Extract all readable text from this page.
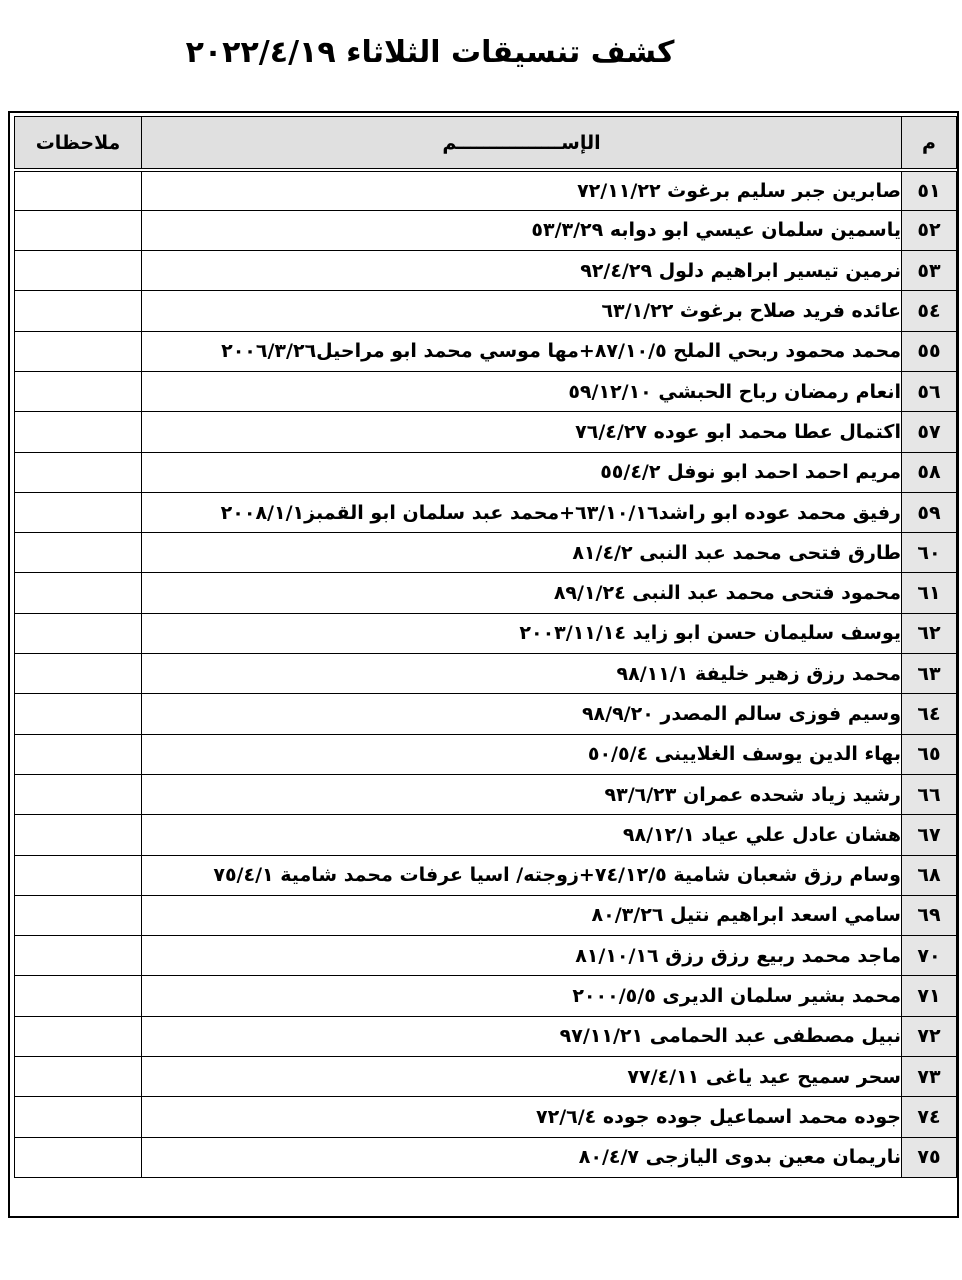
كشف تنسيقات الثلاثاء ٢٠٢٢/٤/١٩
م	الإســــــــــــــــم	ملاحظات
٥١	صابرين جبر سليم برغوث ٧٢/١١/٢٢	
٥٢	ياسمين سلمان عيسي ابو دوابه ٥٣/٣/٢٩	
٥٣	نرمين تيسير ابراهيم دلول ٩٢/٤/٢٩	
٥٤	عائده فريد صلاح برغوث ٦٣/١/٢٢	
٥٥	محمد محمود ربحي الملح ٨٧/١٠/٥+مها موسي محمد ابو مراحيل٢٠٠٦/٣/٢٦	
٥٦	انعام رمضان رباح الحبشي ٥٩/١٢/١٠	
٥٧	اكتمال عطا محمد ابو عوده ٧٦/٤/٢٧	
٥٨	مريم احمد احمد ابو نوفل ٥٥/٤/٢	
٥٩	رفيق محمد عوده ابو راشد٦٣/١٠/١٦+محمد عبد سلمان ابو القمبز٢٠٠٨/١/١	
٦٠	طارق فتحى محمد عبد النبى ٨١/٤/٢	
٦١	محمود فتحى محمد عبد النبى ٨٩/١/٢٤	
٦٢	يوسف سليمان حسن ابو زايد ٢٠٠٣/١١/١٤	
٦٣	محمد رزق زهير خليفة ٩٨/١١/١	
٦٤	وسيم فوزى سالم المصدر ٩٨/٩/٢٠	
٦٥	بهاء الدين يوسف الغلايينى ٥٠/٥/٤	
٦٦	رشيد زياد شحده عمران ٩٣/٦/٢٣	
٦٧	هشان عادل علي عياد ٩٨/١٢/١	
٦٨	وسام رزق شعبان شامية ٧٤/١٢/٥+زوجته/ اسيا عرفات محمد شامية ٧٥/٤/١	
٦٩	سامي اسعد ابراهيم نتيل ٨٠/٣/٢٦	
٧٠	ماجد محمد ربيع رزق رزق ٨١/١٠/١٦	
٧١	محمد بشير سلمان الديرى ٢٠٠٠/٥/٥	
٧٢	نبيل مصطفى عبد الحمامى ٩٧/١١/٢١	
٧٣	سحر سميح عيد ياغى ٧٧/٤/١١	
٧٤	جوده محمد اسماعيل جوده جوده ٧٢/٦/٤	
٧٥	ناريمان معين بدوى اليازجى ٨٠/٤/٧	
